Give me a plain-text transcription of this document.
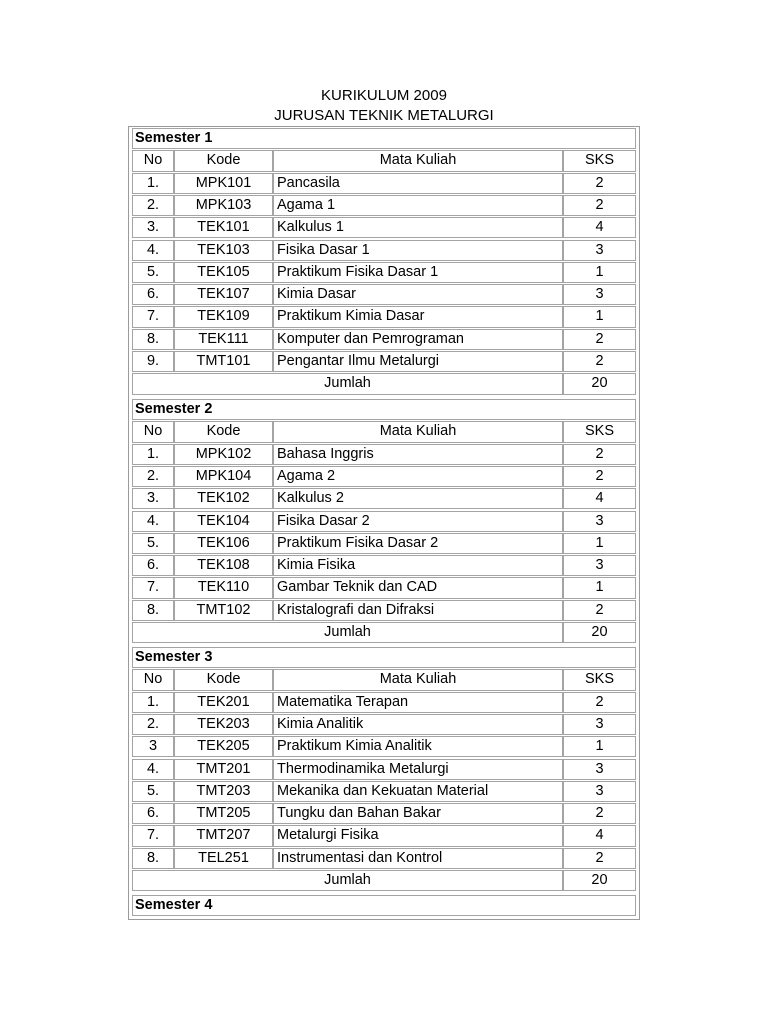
KURIKULUM 2009
JURUSAN TEKNIK METALURGI
Semester 1
No	Kode	Mata Kuliah	SKS
1.	MPK101	Pancasila	2
2.	MPK103	Agama 1	2
3.	TEK101	Kalkulus 1	4
4.	TEK103	Fisika Dasar 1	3
5.	TEK105	Praktikum Fisika Dasar 1	1
6.	TEK107	Kimia Dasar	3
7.	TEK109	Praktikum Kimia Dasar	1
8.	TEK111	Komputer dan Pemrograman	2
9.	TMT101	Pengantar Ilmu Metalurgi	2
Jumlah	20
Semester 2
No	Kode	Mata Kuliah	SKS
1.	MPK102	Bahasa Inggris	2
2.	MPK104	Agama 2	2
3.	TEK102	Kalkulus 2	4
4.	TEK104	Fisika Dasar 2	3
5.	TEK106	Praktikum Fisika Dasar 2	1
6.	TEK108	Kimia Fisika	3
7.	TEK110	Gambar Teknik dan CAD	1
8.	TMT102	Kristalografi dan Difraksi	2
Jumlah	20
Semester 3
No	Kode	Mata Kuliah	SKS
1.	TEK201	Matematika Terapan	2
2.	TEK203	Kimia Analitik	3
3	TEK205	Praktikum Kimia Analitik	1
4.	TMT201	Thermodinamika Metalurgi	3
5.	TMT203	Mekanika dan Kekuatan Material	3
6.	TMT205	Tungku dan Bahan Bakar	2
7.	TMT207	Metalurgi Fisika	4
8.	TEL251	Instrumentasi dan Kontrol	2
Jumlah	20
Semester 4
